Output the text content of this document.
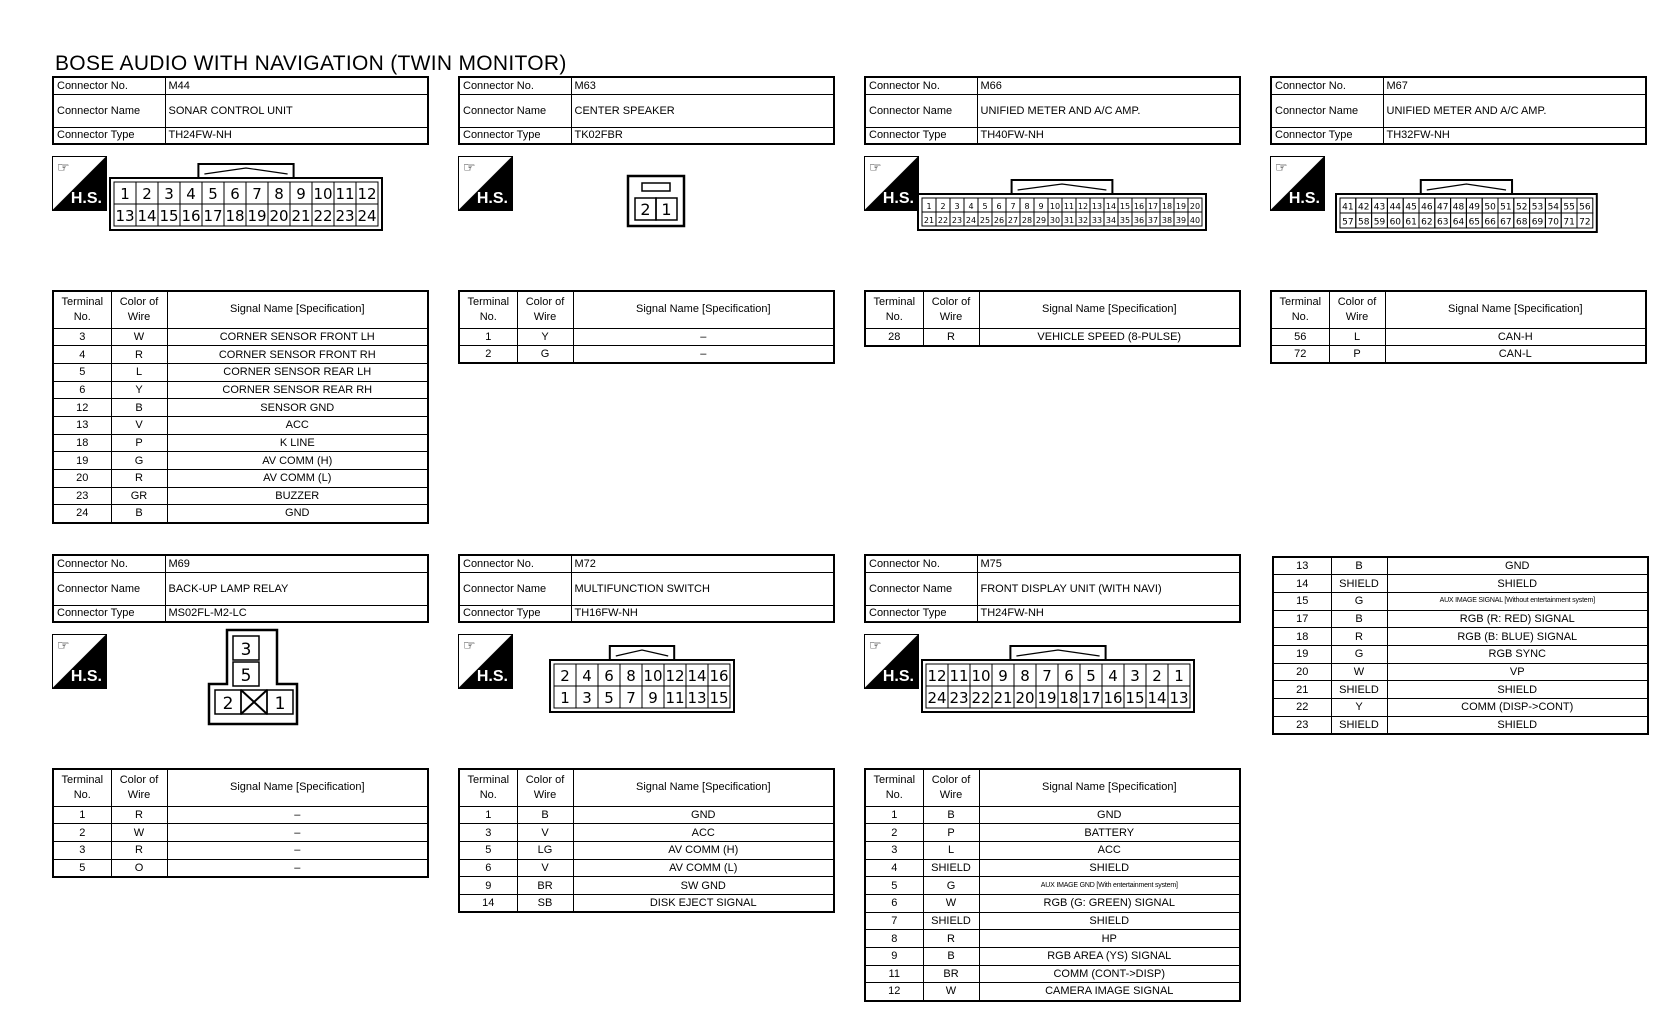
BOSE AUDIO WITH NAVIGATION (TWIN MONITOR)
Connector No.	M44
Connector Name	SONAR CONTROL UNIT
Connector Type	TH24FW-NH
☞
H.S. 1 2 3 4 5 6 7 8 9 10 11 12
13 14 15 16 17 18 19 20 21 22 23 24
Terminal No.	Color of Wire	Signal Name [Specification]
3	W	CORNER SENSOR FRONT LH
4	R	CORNER SENSOR FRONT RH
5	L	CORNER SENSOR REAR LH
6	Y	CORNER SENSOR REAR RH
12	B	SENSOR GND
13	V	ACC
18	P	K LINE
19	G	AV COMM (H)
20	R	AV COMM (L)
23	GR	BUZZER
24	B	GND
Connector No.	M63
Connector Name	CENTER SPEAKER
Connector Type	TK02FBR
☞
H.S.
2 1
Terminal No.	Color of Wire	Signal Name [Specification]
1	Y	–
2	G	–
Connector No.	M66
Connector Name	UNIFIED METER AND A/C AMP.
Connector Type	TH40FW-NH
☞
H.S. 1 2 3 4 5 6 7 8 9 10 11 12 13 14 15 16 17 18 19 20
21 22 23 24 25 26 27 28 29 30 31 32 33 34 35 36 37 38 39 40
Terminal No.	Color of Wire	Signal Name [Specification]
28	R	VEHICLE SPEED (8-PULSE)
Connector No.	M67
Connector Name	UNIFIED METER AND A/C AMP.
Connector Type	TH32FW-NH
☞
H.S.
41 42 43 44 45 46 47 48 49 50 51 52 53 54 55 56
57 58 59 60 61 62 63 64 65 66 67 68 69 70 71 72
Terminal No.	Color of Wire	Signal Name [Specification]
56	L	CAN-H
72	P	CAN-L
Connector No.	M69
Connector Name	BACK-UP LAMP RELAY
Connector Type	MS02FL-M2-LC
☞
H.S.
3
5
2 1
Terminal No.	Color of Wire	Signal Name [Specification]
1	R	–
2	W	–
3	R	–
5	O	–
Connector No.	M72
Connector Name	MULTIFUNCTION SWITCH
Connector Type	TH16FW-NH
☞
H.S.	2 4 6 8 10 12 14 16
1 3 5 7 9 11 13 15
Terminal No.	Color of Wire	Signal Name [Specification]
1	B	GND
3	V	ACC
5	LG	AV COMM (H)
6	V	AV COMM (L)
9	BR	SW GND
14	SB	DISK EJECT SIGNAL
Connector No.	M75
Connector Name	FRONT DISPLAY UNIT (WITH NAVI)
Connector Type	TH24FW-NH
☞
H.S. 12 11 10 9 8 7 6 5 4 3 2 1
24 23 22 21 20 19 18 17 16 15 14 13
Terminal No.	Color of Wire	Signal Name [Specification]
1	B	GND
2	P	BATTERY
3	L	ACC
4	SHIELD	SHIELD
5	G	AUX IMAGE GND [With entertainment system]
6	W	RGB (G: GREEN) SIGNAL
7	SHIELD	SHIELD
8	R	HP
9	B	RGB AREA (YS) SIGNAL
11	BR	COMM (CONT->DISP)
12	W	CAMERA IMAGE SIGNAL
13	B	GND
14	SHIELD	SHIELD
15	G	AUX IMAGE SIGNAL [Without entertainment system]
17	B	RGB (R: RED) SIGNAL
18	R	RGB (B: BLUE) SIGNAL
19	G	RGB SYNC
20	W	VP
21	SHIELD	SHIELD
22	Y	COMM (DISP->CONT)
23	SHIELD	SHIELD
